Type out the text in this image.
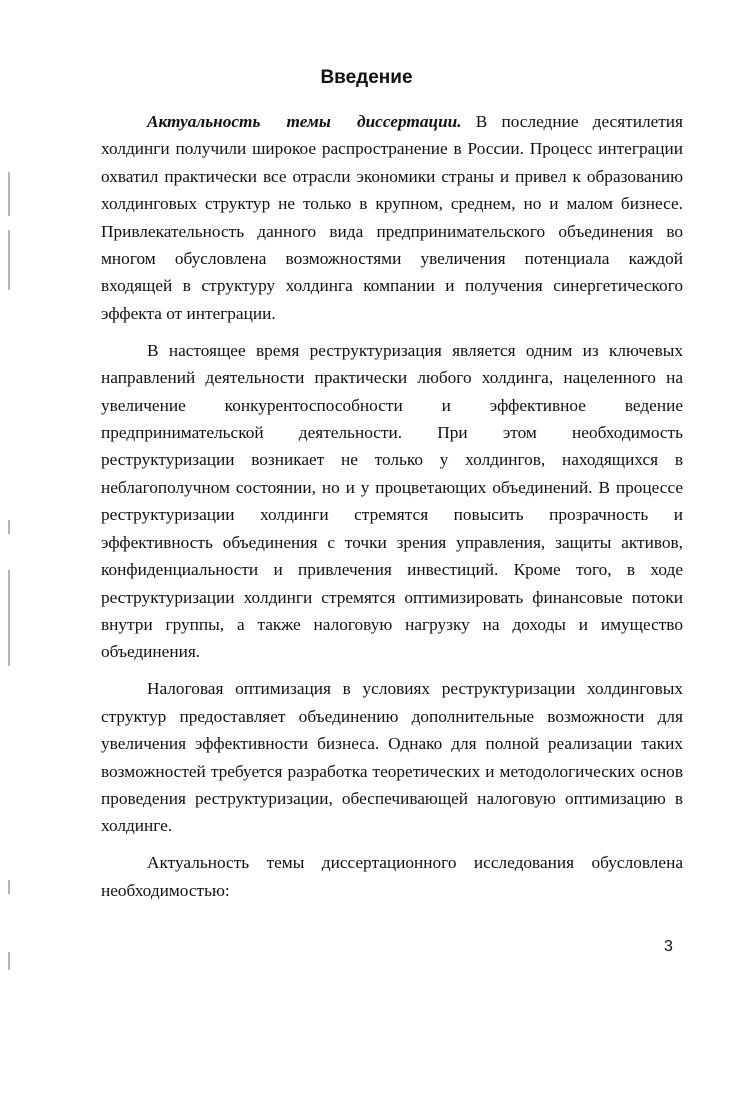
Введение

Актуальность темы диссертации. В последние десятилетия холдинги получили широкое распространение в России. Процесс интеграции охватил практически все отрасли экономики страны и привел к образованию холдинговых структур не только в крупном, среднем, но и малом бизнесе. Привлекательность данного вида предпринимательского объединения во многом обусловлена возможностями увеличения потенциала каждой входящей в структуру холдинга компании и получения синергетического эффекта от интеграции.

В настоящее время реструктуризация является одним из ключевых направлений деятельности практически любого холдинга, нацеленного на увеличение конкурентоспособности и эффективное ведение предпринимательской деятельности. При этом необходимость реструктуризации возникает не только у холдингов, находящихся в неблагополучном состоянии, но и у процветающих объединений. В процессе реструктуризации холдинги стремятся повысить прозрачность и эффективность объединения с точки зрения управления, защиты активов, конфиденциальности и привлечения инвестиций. Кроме того, в ходе реструктуризации холдинги стремятся оптимизировать финансовые потоки внутри группы, а также налоговую нагрузку на доходы и имущество объединения.

Налоговая оптимизация в условиях реструктуризации холдинговых структур предоставляет объединению дополнительные возможности для увеличения эффективности бизнеса. Однако для полной реализации таких возможностей требуется разработка теоретических и методологических основ проведения реструктуризации, обеспечивающей налоговую оптимизацию в холдинге.

Актуальность темы диссертационного исследования обусловлена необходимостью:

3
